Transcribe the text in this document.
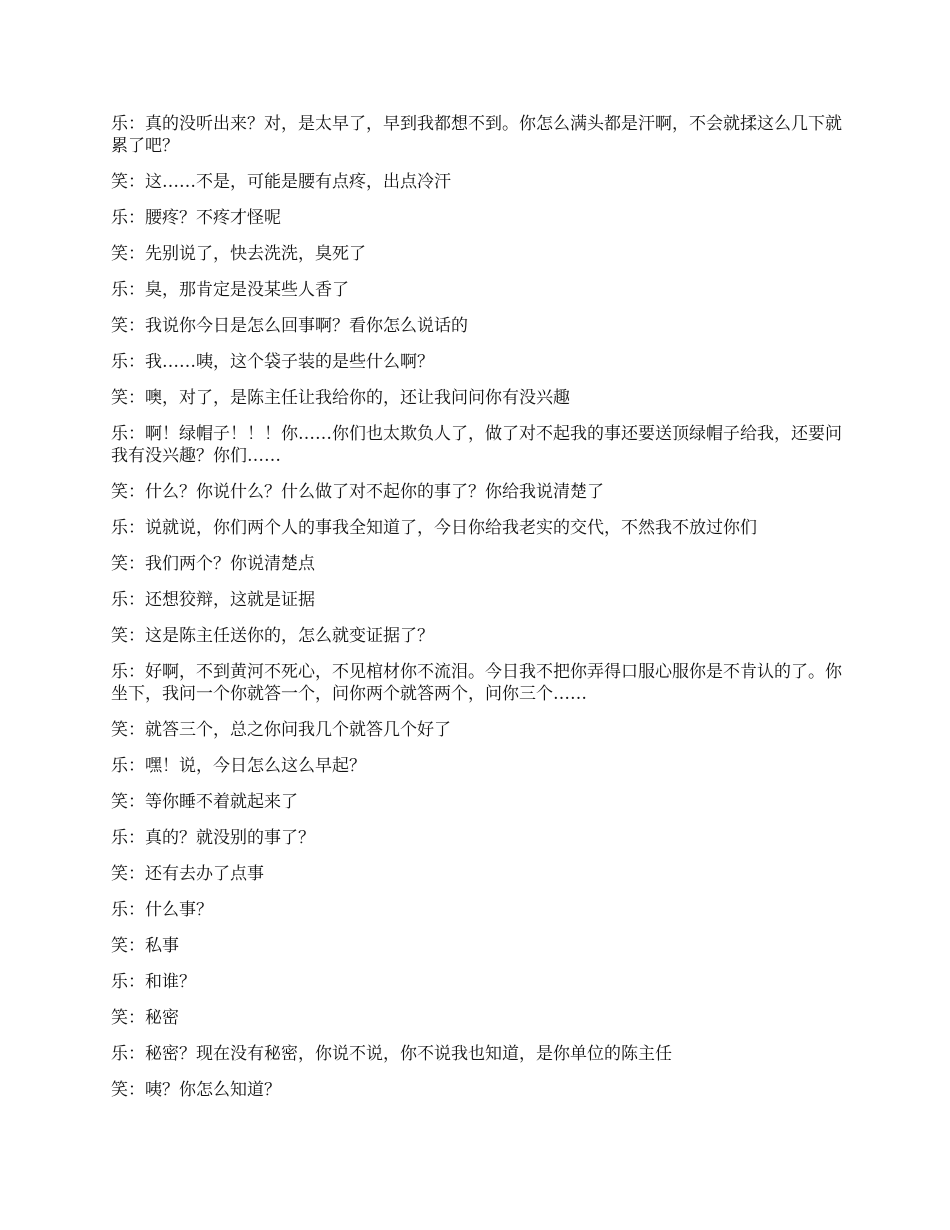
乐：真的没听出来？对，是太早了，早到我都想不到。你怎么满头都是汗啊，不会就揉这么几下就累了吧？

笑：这……不是，可能是腰有点疼，出点冷汗

乐：腰疼？不疼才怪呢

笑：先别说了，快去洗洗，臭死了

乐：臭，那肯定是没某些人香了

笑：我说你今日是怎么回事啊？看你怎么说话的

乐：我……咦，这个袋子装的是些什么啊？

笑：噢，对了，是陈主任让我给你的，还让我问问你有没兴趣

乐：啊！绿帽子！！！你……你们也太欺负人了，做了对不起我的事还要送顶绿帽子给我，还要问我有没兴趣？你们……

笑：什么？你说什么？什么做了对不起你的事了？你给我说清楚了

乐：说就说，你们两个人的事我全知道了，今日你给我老实的交代，不然我不放过你们

笑：我们两个？你说清楚点

乐：还想狡辩，这就是证据

笑：这是陈主任送你的，怎么就变证据了？

乐：好啊，不到黄河不死心，不见棺材你不流泪。今日我不把你弄得口服心服你是不肯认的了。你坐下，我问一个你就答一个，问你两个就答两个，问你三个……

笑：就答三个，总之你问我几个就答几个好了

乐：嘿！说，今日怎么这么早起？

笑：等你睡不着就起来了

乐：真的？就没别的事了？

笑：还有去办了点事

乐：什么事？

笑：私事

乐：和谁？

笑：秘密

乐：秘密？现在没有秘密，你说不说，你不说我也知道，是你单位的陈主任

笑：咦？你怎么知道？
